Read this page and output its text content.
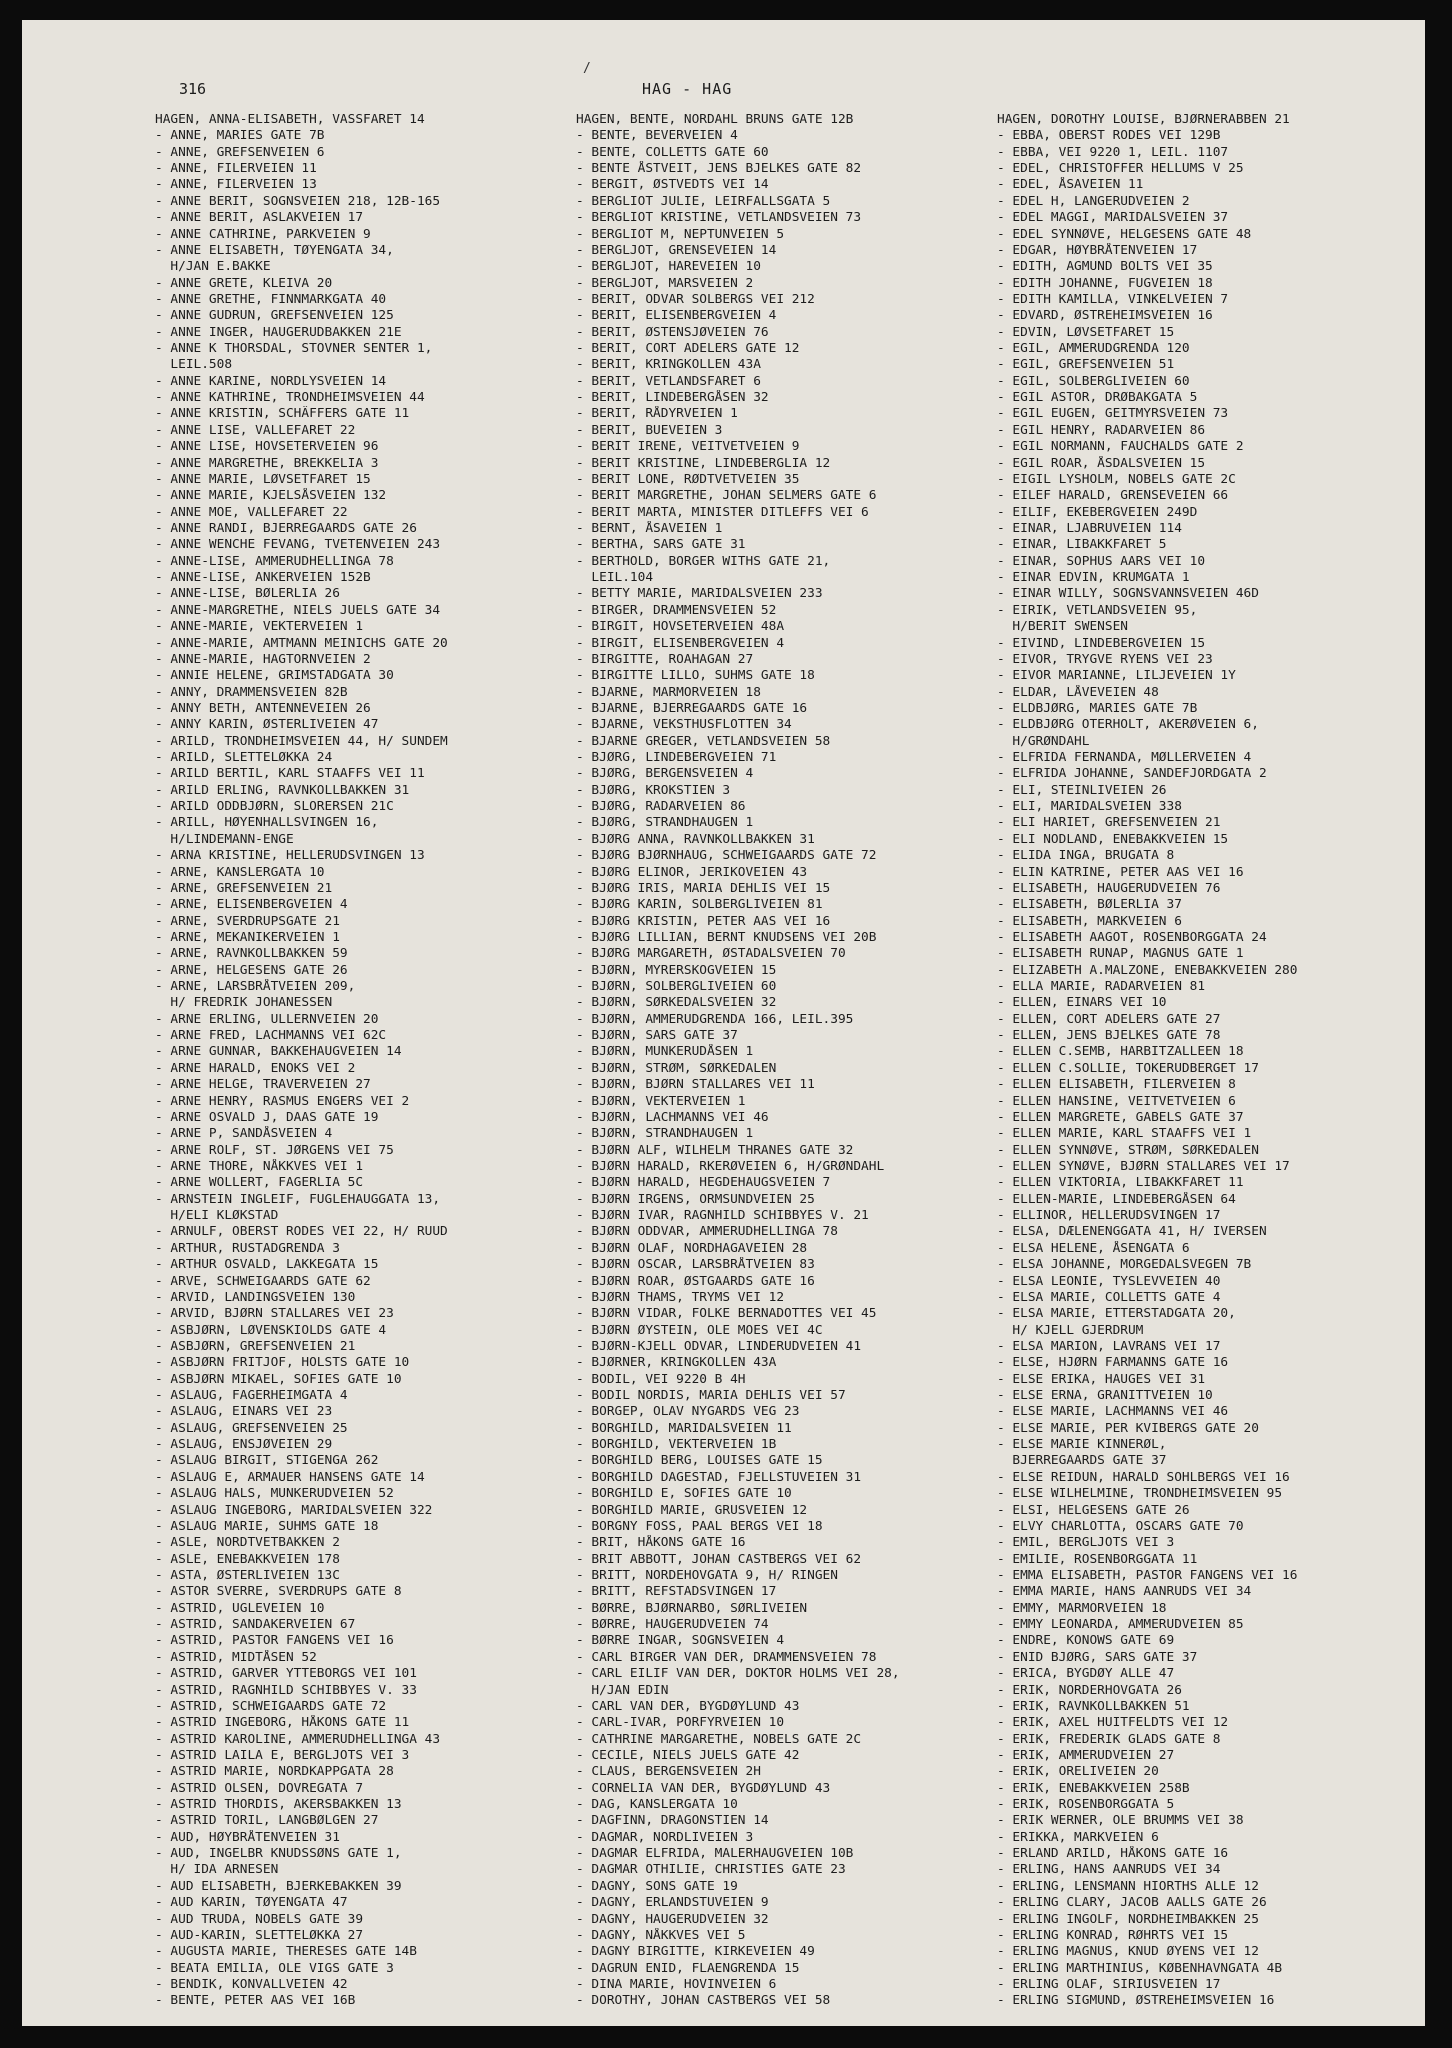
/
316	HAG - HAG
HAGEN, ANNA-ELISABETH, VASSFARET 14
- ANNE, MARIES GATE 7B
- ANNE, GREFSENVEIEN 6
- ANNE, FILERVEIEN 11
- ANNE, FILERVEIEN 13
- ANNE BERIT, SOGNSVEIEN 218, 12B-165
- ANNE BERIT, ASLAKVEIEN 17
- ANNE CATHRINE, PARKVEIEN 9
- ANNE ELISABETH, TØYENGATA 34,
H/JAN E.BAKKE
- ANNE GRETE, KLEIVA 20
- ANNE GRETHE, FINNMARKGATA 40
- ANNE GUDRUN, GREFSENVEIEN 125
- ANNE INGER, HAUGERUDBAKKEN 21E
- ANNE K THORSDAL, STOVNER SENTER 1,
LEIL.508
- ANNE KARINE, NORDLYSVEIEN 14
- ANNE KATHRINE, TRONDHEIMSVEIEN 44
- ANNE KRISTIN, SCHÄFFERS GATE 11
- ANNE LISE, VALLEFARET 22
- ANNE LISE, HOVSETERVEIEN 96
- ANNE MARGRETHE, BREKKELIA 3
- ANNE MARIE, LØVSETFARET 15
- ANNE MARIE, KJELSÅSVEIEN 132
- ANNE MOE, VALLEFARET 22
- ANNE RANDI, BJERREGAARDS GATE 26
- ANNE WENCHE FEVANG, TVETENVEIEN 243
- ANNE-LISE, AMMERUDHELLINGA 78
- ANNE-LISE, ANKERVEIEN 152B
- ANNE-LISE, BØLERLIA 26
- ANNE-MARGRETHE, NIELS JUELS GATE 34
- ANNE-MARIE, VEKTERVEIEN 1
- ANNE-MARIE, AMTMANN MEINICHS GATE 20
- ANNE-MARIE, HAGTORNVEIEN 2
- ANNIE HELENE, GRIMSTADGATA 30
- ANNY, DRAMMENSVEIEN 82B
- ANNY BETH, ANTENNEVEIEN 26
- ANNY KARIN, ØSTERLIVEIEN 47
- ARILD, TRONDHEIMSVEIEN 44, H/ SUNDEM
- ARILD, SLETTELØKKA 24
- ARILD BERTIL, KARL STAAFFS VEI 11
- ARILD ERLING, RAVNKOLLBAKKEN 31
- ARILD ODDBJØRN, SLORERSEN 21C
- ARILL, HØYENHALLSVINGEN 16,
H/LINDEMANN-ENGE
- ARNA KRISTINE, HELLERUDSVINGEN 13
- ARNE, KANSLERGATA 10
- ARNE, GREFSENVEIEN 21
- ARNE, ELISENBERGVEIEN 4
- ARNE, SVERDRUPSGATE 21
- ARNE, MEKANIKERVEIEN 1
- ARNE, RAVNKOLLBAKKEN 59
- ARNE, HELGESENS GATE 26
- ARNE, LARSBRÅTVEIEN 209,
H/ FREDRIK JOHANESSEN
- ARNE ERLING, ULLERNVEIEN 20
- ARNE FRED, LACHMANNS VEI 62C
- ARNE GUNNAR, BAKKEHAUGVEIEN 14
- ARNE HARALD, ENOKS VEI 2
- ARNE HELGE, TRAVERVEIEN 27
- ARNE HENRY, RASMUS ENGERS VEI 2
- ARNE OSVALD J, DAAS GATE 19
- ARNE P, SANDÅSVEIEN 4
- ARNE ROLF, ST. JØRGENS VEI 75
- ARNE THORE, NÅKKVES VEI 1
- ARNE WOLLERT, FAGERLIA 5C
- ARNSTEIN INGLEIF, FUGLEHAUGGATA 13,
H/ELI KLØKSTAD
- ARNULF, OBERST RODES VEI 22, H/ RUUD
- ARTHUR, RUSTADGRENDA 3
- ARTHUR OSVALD, LAKKEGATA 15
- ARVE, SCHWEIGAARDS GATE 62
- ARVID, LANDINGSVEIEN 130
- ARVID, BJØRN STALLARES VEI 23
- ASBJØRN, LØVENSKIOLDS GATE 4
- ASBJØRN, GREFSENVEIEN 21
- ASBJØRN FRITJOF, HOLSTS GATE 10
- ASBJØRN MIKAEL, SOFIES GATE 10
- ASLAUG, FAGERHEIMGATA 4
- ASLAUG, EINARS VEI 23
- ASLAUG, GREFSENVEIEN 25
- ASLAUG, ENSJØVEIEN 29
- ASLAUG BIRGIT, STIGENGA 262
- ASLAUG E, ARMAUER HANSENS GATE 14
- ASLAUG HALS, MUNKERUDVEIEN 52
- ASLAUG INGEBORG, MARIDALSVEIEN 322
- ASLAUG MARIE, SUHMS GATE 18
- ASLE, NORDTVETBAKKEN 2
- ASLE, ENEBAKKVEIEN 178
- ASTA, ØSTERLIVEIEN 13C
- ASTOR SVERRE, SVERDRUPS GATE 8
- ASTRID, UGLEVEIEN 10
- ASTRID, SANDAKERVEIEN 67
- ASTRID, PASTOR FANGENS VEI 16
- ASTRID, MIDTÅSEN 52
- ASTRID, GARVER YTTEBORGS VEI 101
- ASTRID, RAGNHILD SCHIBBYES V. 33
- ASTRID, SCHWEIGAARDS GATE 72
- ASTRID INGEBORG, HÅKONS GATE 11
- ASTRID KAROLINE, AMMERUDHELLINGA 43
- ASTRID LAILA E, BERGLJOTS VEI 3
- ASTRID MARIE, NORDKAPPGATA 28
- ASTRID OLSEN, DOVREGATA 7
- ASTRID THORDIS, AKERSBAKKEN 13
- ASTRID TORIL, LANGBØLGEN 27
- AUD, HØYBRÅTENVEIEN 31
- AUD, INGELBR KNUDSSØNS GATE 1,
H/ IDA ARNESEN
- AUD ELISABETH, BJERKEBAKKEN 39
- AUD KARIN, TØYENGATA 47
- AUD TRUDA, NOBELS GATE 39
- AUD-KARIN, SLETTELØKKA 27
- AUGUSTA MARIE, THERESES GATE 14B
- BEATA EMILIA, OLE VIGS GATE 3
- BENDIK, KONVALLVEIEN 42
- BENTE, PETER AAS VEI 16B
HAGEN, BENTE, NORDAHL BRUNS GATE 12B
- BENTE, BEVERVEIEN 4
- BENTE, COLLETTS GATE 60
- BENTE ÅSTVEIT, JENS BJELKES GATE 82
- BERGIT, ØSTVEDTS VEI 14
- BERGLIOT JULIE, LEIRFALLSGATA 5
- BERGLIOT KRISTINE, VETLANDSVEIEN 73
- BERGLIOT M, NEPTUNVEIEN 5
- BERGLJOT, GRENSEVEIEN 14
- BERGLJOT, HAREVEIEN 10
- BERGLJOT, MARSVEIEN 2
- BERIT, ODVAR SOLBERGS VEI 212
- BERIT, ELISENBERGVEIEN 4
- BERIT, ØSTENSJØVEIEN 76
- BERIT, CORT ADELERS GATE 12
- BERIT, KRINGKOLLEN 43A
- BERIT, VETLANDSFARET 6
- BERIT, LINDEBERGÅSEN 32
- BERIT, RÅDYRVEIEN 1
- BERIT, BUEVEIEN 3
- BERIT IRENE, VEITVETVEIEN 9
- BERIT KRISTINE, LINDEBERGLIA 12
- BERIT LONE, RØDTVETVEIEN 35
- BERIT MARGRETHE, JOHAN SELMERS GATE 6
- BERIT MARTA, MINISTER DITLEFFS VEI 6
- BERNT, ÅSAVEIEN 1
- BERTHA, SARS GATE 31
- BERTHOLD, BORGER WITHS GATE 21,
LEIL.104
- BETTY MARIE, MARIDALSVEIEN 233
- BIRGER, DRAMMENSVEIEN 52
- BIRGIT, HOVSETERVEIEN 48A
- BIRGIT, ELISENBERGVEIEN 4
- BIRGITTE, ROAHAGAN 27
- BIRGITTE LILLO, SUHMS GATE 18
- BJARNE, MARMORVEIEN 18
- BJARNE, BJERREGAARDS GATE 16
- BJARNE, VEKSTHUSFLOTTEN 34
- BJARNE GREGER, VETLANDSVEIEN 58
- BJØRG, LINDEBERGVEIEN 71
- BJØRG, BERGENSVEIEN 4
- BJØRG, KROKSTIEN 3
- BJØRG, RADARVEIEN 86
- BJØRG, STRANDHAUGEN 1
- BJØRG ANNA, RAVNKOLLBAKKEN 31
- BJØRG BJØRNHAUG, SCHWEIGAARDS GATE 72
- BJØRG ELINOR, JERIKOVEIEN 43
- BJØRG IRIS, MARIA DEHLIS VEI 15
- BJØRG KARIN, SOLBERGLIVEIEN 81
- BJØRG KRISTIN, PETER AAS VEI 16
- BJØRG LILLIAN, BERNT KNUDSENS VEI 20B
- BJØRG MARGARETH, ØSTADALSVEIEN 70
- BJØRN, MYRERSKOGVEIEN 15
- BJØRN, SOLBERGLIVEIEN 60
- BJØRN, SØRKEDALSVEIEN 32
- BJØRN, AMMERUDGRENDA 166, LEIL.395
- BJØRN, SARS GATE 37
- BJØRN, MUNKERUDÅSEN 1
- BJØRN, STRØM, SØRKEDALEN
- BJØRN, BJØRN STALLARES VEI 11
- BJØRN, VEKTERVEIEN 1
- BJØRN, LACHMANNS VEI 46
- BJØRN, STRANDHAUGEN 1
- BJØRN ALF, WILHELM THRANES GATE 32
- BJØRN HARALD, RKERØVEIEN 6, H/GRØNDAHL
- BJØRN HARALD, HEGDEHAUGSVEIEN 7
- BJØRN IRGENS, ORMSUNDVEIEN 25
- BJØRN IVAR, RAGNHILD SCHIBBYES V. 21
- BJØRN ODDVAR, AMMERUDHELLINGA 78
- BJØRN OLAF, NORDHAGAVEIEN 28
- BJØRN OSCAR, LARSBRÅTVEIEN 83
- BJØRN ROAR, ØSTGAARDS GATE 16
- BJØRN THAMS, TRYMS VEI 12
- BJØRN VIDAR, FOLKE BERNADOTTES VEI 45
- BJØRN ØYSTEIN, OLE MOES VEI 4C
- BJØRN-KJELL ODVAR, LINDERUDVEIEN 41
- BJØRNER, KRINGKOLLEN 43A
- BODIL, VEI 9220 B 4H
- BODIL NORDIS, MARIA DEHLIS VEI 57
- BORGEP, OLAV NYGARDS VEG 23
- BORGHILD, MARIDALSVEIEN 11
- BORGHILD, VEKTERVEIEN 1B
- BORGHILD BERG, LOUISES GATE 15
- BORGHILD DAGESTAD, FJELLSTUVEIEN 31
- BORGHILD E, SOFIES GATE 10
- BORGHILD MARIE, GRUSVEIEN 12
- BORGNY FOSS, PAAL BERGS VEI 18
- BRIT, HÅKONS GATE 16
- BRIT ABBOTT, JOHAN CASTBERGS VEI 62
- BRITT, NORDEHOVGATA 9, H/ RINGEN
- BRITT, REFSTADSVINGEN 17
- BØRRE, BJØRNARBO, SØRLIVEIEN
- BØRRE, HAUGERUDVEIEN 74
- BØRRE INGAR, SOGNSVEIEN 4
- CARL BIRGER VAN DER, DRAMMENSVEIEN 78
- CARL EILIF VAN DER, DOKTOR HOLMS VEI 28,
H/JAN EDIN
- CARL VAN DER, BYGDØYLUND 43
- CARL-IVAR, PORFYRVEIEN 10
- CATHRINE MARGARETHE, NOBELS GATE 2C
- CECILE, NIELS JUELS GATE 42
- CLAUS, BERGENSVEIEN 2H
- CORNELIA VAN DER, BYGDØYLUND 43
- DAG, KANSLERGATA 10
- DAGFINN, DRAGONSTIEN 14
- DAGMAR, NORDLIVEIEN 3
- DAGMAR ELFRIDA, MALERHAUGVEIEN 10B
- DAGMAR OTHILIE, CHRISTIES GATE 23
- DAGNY, SONS GATE 19
- DAGNY, ERLANDSTUVEIEN 9
- DAGNY, HAUGERUDVEIEN 32
- DAGNY, NÅKKVES VEI 5
- DAGNY BIRGITTE, KIRKEVEIEN 49
- DAGRUN ENID, FLAENGRENDA 15
- DINA MARIE, HOVINVEIEN 6
- DOROTHY, JOHAN CASTBERGS VEI 58
HAGEN, DOROTHY LOUISE, BJØRNERABBEN 21
- EBBA, OBERST RODES VEI 129B
- EBBA, VEI 9220 1, LEIL. 1107
- EDEL, CHRISTOFFER HELLUMS V 25
- EDEL, ÅSAVEIEN 11
- EDEL H, LANGERUDVEIEN 2
- EDEL MAGGI, MARIDALSVEIEN 37
- EDEL SYNNØVE, HELGESENS GATE 48
- EDGAR, HØYBRÅTENVEIEN 17
- EDITH, AGMUND BOLTS VEI 35
- EDITH JOHANNE, FUGVEIEN 18
- EDITH KAMILLA, VINKELVEIEN 7
- EDVARD, ØSTREHEIMSVEIEN 16
- EDVIN, LØVSETFARET 15
- EGIL, AMMERUDGRENDA 120
- EGIL, GREFSENVEIEN 51
- EGIL, SOLBERGLIVEIEN 60
- EGIL ASTOR, DRØBAKGATA 5
- EGIL EUGEN, GEITMYRSVEIEN 73
- EGIL HENRY, RADARVEIEN 86
- EGIL NORMANN, FAUCHALDS GATE 2
- EGIL ROAR, ÅSDALSVEIEN 15
- EIGIL LYSHOLM, NOBELS GATE 2C
- EILEF HARALD, GRENSEVEIEN 66
- EILIF, EKEBERGVEIEN 249D
- EINAR, LJABRUVEIEN 114
- EINAR, LIBAKKFARET 5
- EINAR, SOPHUS AARS VEI 10
- EINAR EDVIN, KRUMGATA 1
- EINAR WILLY, SOGNSVANNSVEIEN 46D
- EIRIK, VETLANDSVEIEN 95,
H/BERIT SWENSEN
- EIVIND, LINDEBERGVEIEN 15
- EIVOR, TRYGVE RYENS VEI 23
- EIVOR MARIANNE, LILJEVEIEN 1Y
- ELDAR, LÅVEVEIEN 48
- ELDBJØRG, MARIES GATE 7B
- ELDBJØRG OTERHOLT, AKERØVEIEN 6,
H/GRØNDAHL
- ELFRIDA FERNANDA, MØLLERVEIEN 4
- ELFRIDA JOHANNE, SANDEFJORDGATA 2
- ELI, STEINLIVEIEN 26
- ELI, MARIDALSVEIEN 338
- ELI HARIET, GREFSENVEIEN 21
- ELI NODLAND, ENEBAKKVEIEN 15
- ELIDA INGA, BRUGATA 8
- ELIN KATRINE, PETER AAS VEI 16
- ELISABETH, HAUGERUDVEIEN 76
- ELISABETH, BØLERLIA 37
- ELISABETH, MARKVEIEN 6
- ELISABETH AAGOT, ROSENBORGGATA 24
- ELISABETH RUNAP, MAGNUS GATE 1
- ELIZABETH A.MALZONE, ENEBAKKVEIEN 280
- ELLA MARIE, RADARVEIEN 81
- ELLEN, EINARS VEI 10
- ELLEN, CORT ADELERS GATE 27
- ELLEN, JENS BJELKES GATE 78
- ELLEN C.SEMB, HARBITZALLEEN 18
- ELLEN C.SOLLIE, TOKERUDBERGET 17
- ELLEN ELISABETH, FILERVEIEN 8
- ELLEN HANSINE, VEITVETVEIEN 6
- ELLEN MARGRETE, GABELS GATE 37
- ELLEN MARIE, KARL STAAFFS VEI 1
- ELLEN SYNNØVE, STRØM, SØRKEDALEN
- ELLEN SYNØVE, BJØRN STALLARES VEI 17
- ELLEN VIKTORIA, LIBAKKFARET 11
- ELLEN-MARIE, LINDEBERGÅSEN 64
- ELLINOR, HELLERUDSVINGEN 17
- ELSA, DÆLENENGGATA 41, H/ IVERSEN
- ELSA HELENE, ÅSENGATA 6
- ELSA JOHANNE, MORGEDALSVEGEN 7B
- ELSA LEONIE, TYSLEVVEIEN 40
- ELSA MARIE, COLLETTS GATE 4
- ELSA MARIE, ETTERSTADGATA 20,
H/ KJELL GJERDRUM
- ELSA MARION, LAVRANS VEI 17
- ELSE, HJØRN FARMANNS GATE 16
- ELSE ERIKA, HAUGES VEI 31
- ELSE ERNA, GRANITTVEIEN 10
- ELSE MARIE, LACHMANNS VEI 46
- ELSE MARIE, PER KVIBERGS GATE 20
- ELSE MARIE KINNERØL,
BJERREGAARDS GATE 37
- ELSE REIDUN, HARALD SOHLBERGS VEI 16
- ELSE WILHELMINE, TRONDHEIMSVEIEN 95
- ELSI, HELGESENS GATE 26
- ELVY CHARLOTTA, OSCARS GATE 70
- EMIL, BERGLJOTS VEI 3
- EMILIE, ROSENBORGGATA 11
- EMMA ELISABETH, PASTOR FANGENS VEI 16
- EMMA MARIE, HANS AANRUDS VEI 34
- EMMY, MARMORVEIEN 18
- EMMY LEONARDA, AMMERUDVEIEN 85
- ENDRE, KONOWS GATE 69
- ENID BJØRG, SARS GATE 37
- ERICA, BYGDØY ALLE 47
- ERIK, NORDERHOVGATA 26
- ERIK, RAVNKOLLBAKKEN 51
- ERIK, AXEL HUITFELDTS VEI 12
- ERIK, FREDERIK GLADS GATE 8
- ERIK, AMMERUDVEIEN 27
- ERIK, ORELIVEIEN 20
- ERIK, ENEBAKKVEIEN 258B
- ERIK, ROSENBORGGATA 5
- ERIK WERNER, OLE BRUMMS VEI 38
- ERIKKA, MARKVEIEN 6
- ERLAND ARILD, HÅKONS GATE 16
- ERLING, HANS AANRUDS VEI 34
- ERLING, LENSMANN HIORTHS ALLE 12
- ERLING CLARY, JACOB AALLS GATE 26
- ERLING INGOLF, NORDHEIMBAKKEN 25
- ERLING KONRAD, RØHRTS VEI 15
- ERLING MAGNUS, KNUD ØYENS VEI 12
- ERLING MARTHINIUS, KØBENHAVNGATA 4B
- ERLING OLAF, SIRIUSVEIEN 17
- ERLING SIGMUND, ØSTREHEIMSVEIEN 16
